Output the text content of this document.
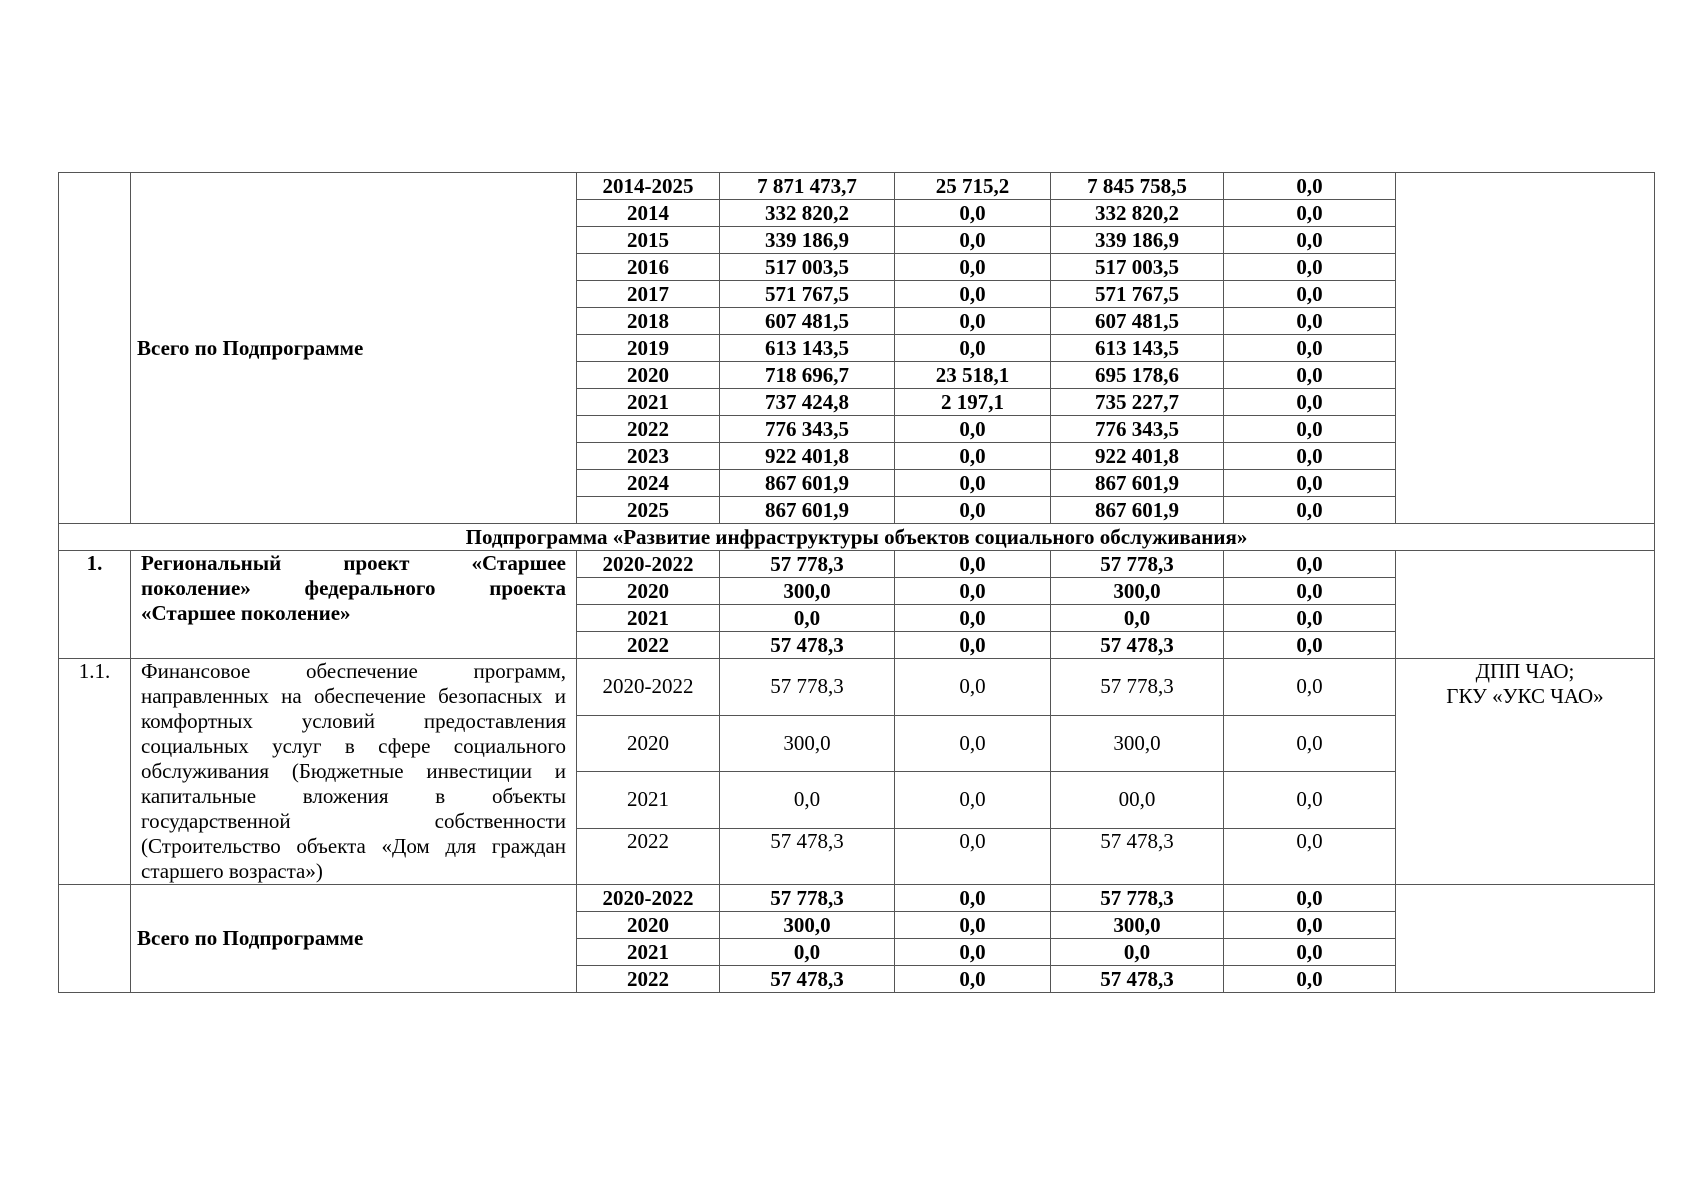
	Всего по Подпрограмме	2014-2025	7 871 473,7	25 715,2	7 845 758,5	0,0	
		2014	332 820,2	0,0	332 820,2	0,0	
		2015	339 186,9	0,0	339 186,9	0,0	
		2016	517 003,5	0,0	517 003,5	0,0	
		2017	571 767,5	0,0	571 767,5	0,0	
		2018	607 481,5	0,0	607 481,5	0,0	
		2019	613 143,5	0,0	613 143,5	0,0	
		2020	718 696,7	23 518,1	695 178,6	0,0	
		2021	737 424,8	2 197,1	735 227,7	0,0	
		2022	776 343,5	0,0	776 343,5	0,0	
		2023	922 401,8	0,0	922 401,8	0,0	
		2024	867 601,9	0,0	867 601,9	0,0	
		2025	867 601,9	0,0	867 601,9	0,0	
Подпрограмма «Развитие инфраструктуры объектов социального обслуживания»							
1.	Региональный проект «Старшее поколение» федерального проекта «Старшее поколение»	2020-2022	57 778,3	0,0	57 778,3	0,0	
		2020	300,0	0,0	300,0	0,0	
		2021	0,0	0,0	0,0	0,0	
		2022	57 478,3	0,0	57 478,3	0,0	
1.1.	Финансовое обеспечение программ, направленных на обеспечение безопасных и комфортных условий предоставления социальных услуг в сфере социального обслуживания (Бюджетные инвестиции и капитальные вложения в объекты государственной собственности (Строительство объекта «Дом для граждан старшего возраста»)	2020-2022	57 778,3	0,0	57 778,3	0,0	ДПП ЧАО;
ГКУ «УКС ЧАО»

		2020	300,0	0,0	300,0	0,0	
		2021	0,0	0,0	00,0	0,0	
		2022	57 478,3	0,0	57 478,3	0,0	
	Всего по Подпрограмме	2020-2022	57 778,3	0,0	57 778,3	0,0	
		2020	300,0	0,0	300,0	0,0	
		2021	0,0	0,0	0,0	0,0	
		2022	57 478,3	0,0	57 478,3	0,0	
